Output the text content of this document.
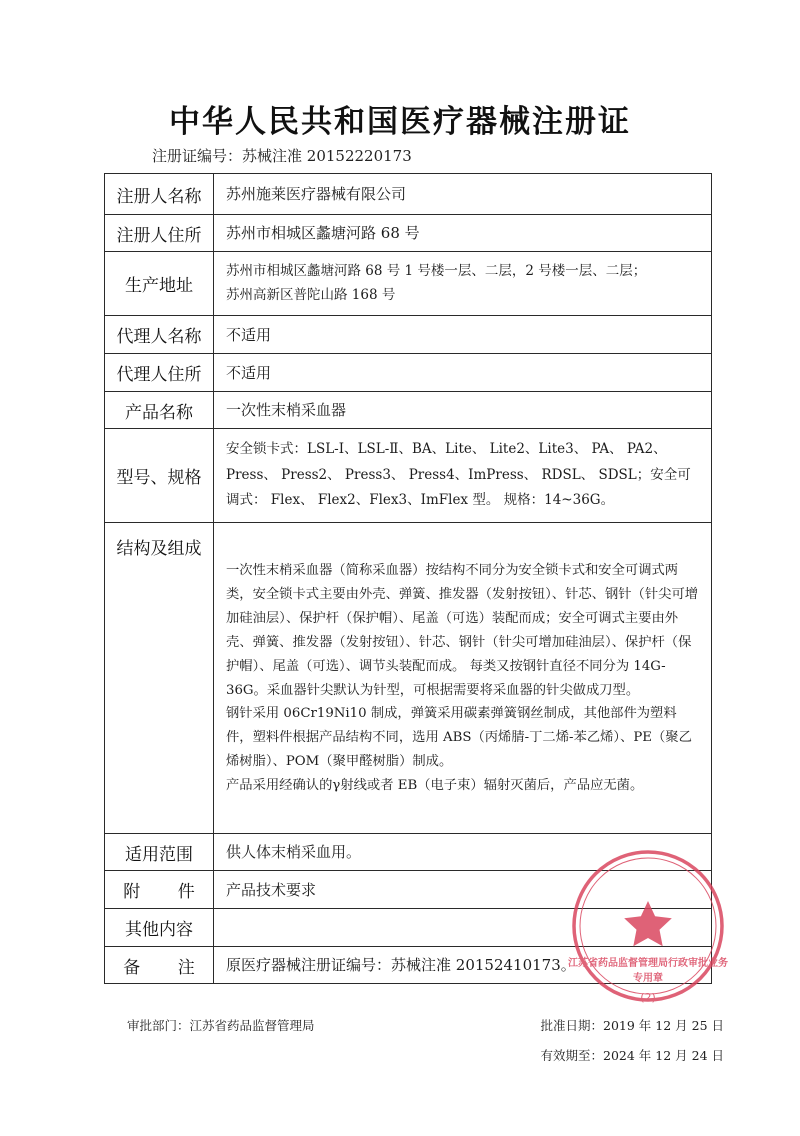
中华人民共和国医疗器械注册证
注册证编号：苏械注准 20152220173
注册人名称	苏州施莱医疗器械有限公司
注册人住所	苏州市相城区蠡塘河路 68 号
生产地址	苏州市相城区蠡塘河路 68 号 1 号楼一层、二层，2 号楼一层、二层；

苏州高新区普陀山路 168 号

代理人名称	不适用
代理人住所	不适用
产品名称	一次性末梢采血器
型号、规格	安全锁卡式：LSL-Ⅰ、LSL-Ⅱ、BA、Lite、 Lite2、Lite3、 PA、 PA2、Press、 Press2、 Press3、 Press4、ImPress、 RDSL、 SDSL；安全可调式： Flex、 Flex2、Flex3、ImFlex 型。 规格：14~36G。
结构及组成	一次性末梢采血器（简称采血器）按结构不同分为安全锁卡式和安全可调式两类，安全锁卡式主要由外壳、弹簧、推发器（发射按钮）、针芯、钢针（针尖可增加硅油层）、保护杆（保护帽）、尾盖（可选）装配而成；安全可调式主要由外壳、弹簧、推发器（发射按钮）、针芯、钢针（针尖可增加硅油层）、保护杆（保护帽）、尾盖（可选）、调节头装配而成。 每类又按钢针直径不同分为 14G-36G。采血器针尖默认为针型，可根据需要将采血器的针尖做成刀型。

钢针采用 06Cr19Ni10 制成，弹簧采用碳素弹簧钢丝制成，其他部件为塑料件，塑料件根据产品结构不同，选用 ABS（丙烯腈-丁二烯-苯乙烯）、PE（聚乙烯树脂）、POM（聚甲醛树脂）制成。

产品采用经确认的γ射线或者 EB（电子束）辐射灭菌后，产品应无菌。

适用范围	供人体末梢采血用。
附 件	产品技术要求
其他内容	
备 注	原医疗器械注册证编号：苏械注准 20152410173。
审批部门：江苏省药品监督管理局	批准日期：2019 年 12 月 25 日
有效期至：2024 年 12 月 24 日
江苏省药品监督管理局行政审批业务专用章
(2)
